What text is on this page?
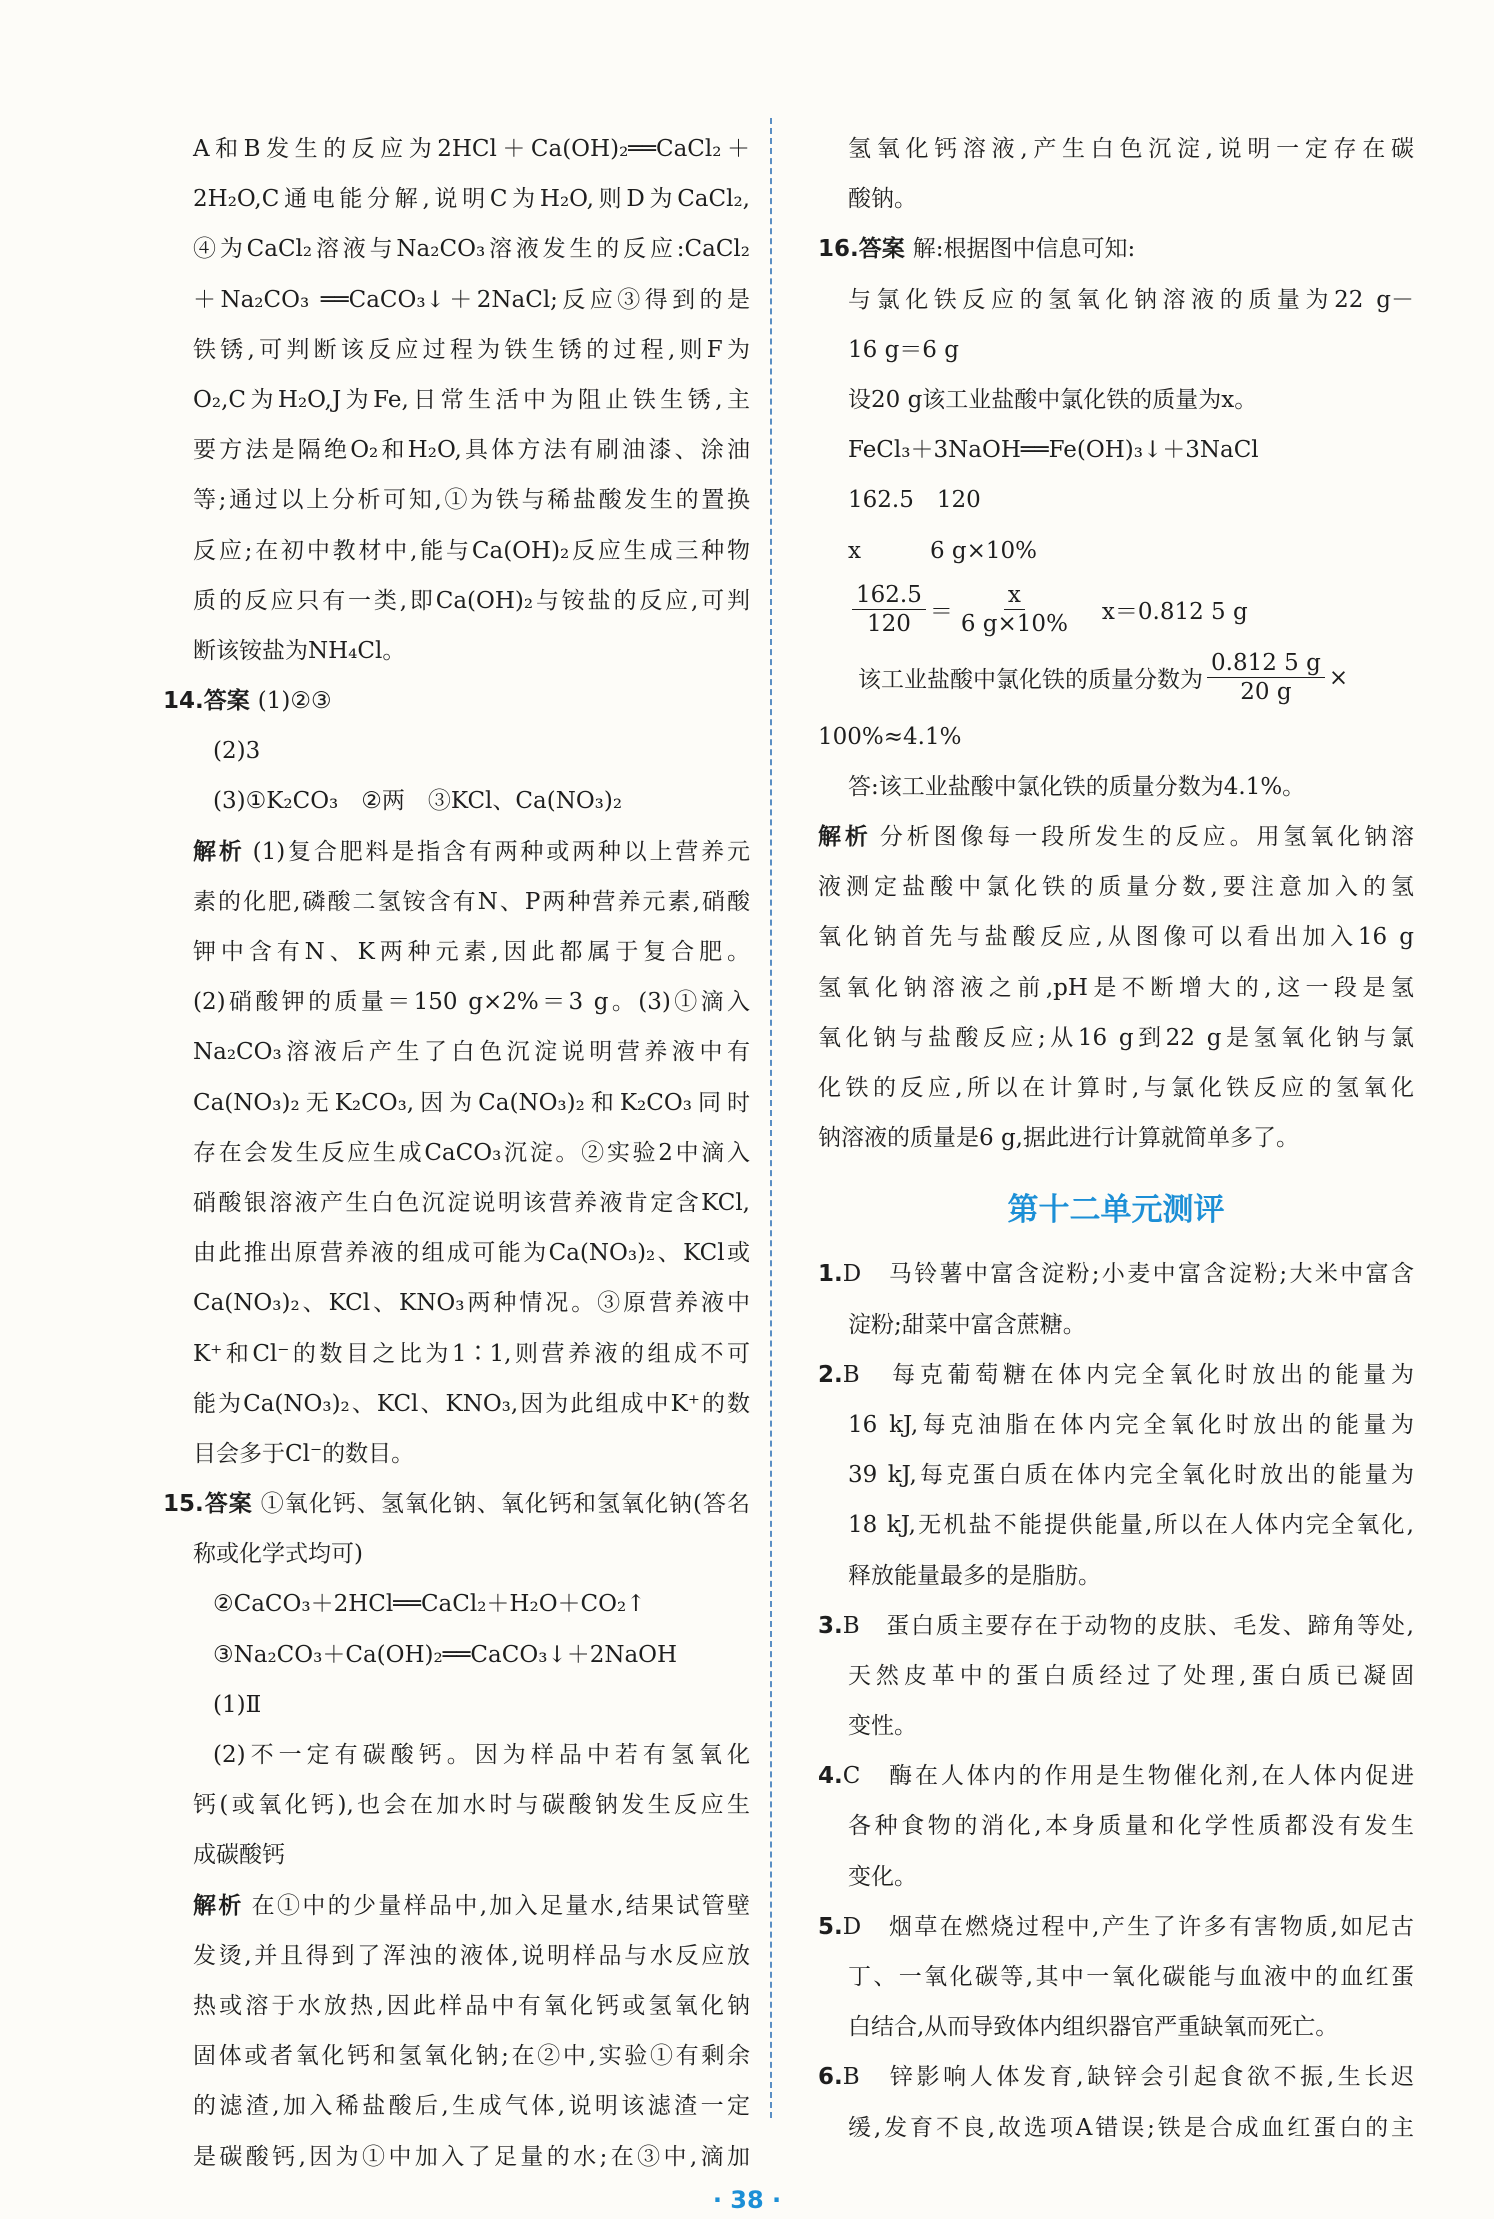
A和B发生的反应为2HCl＋Ca(OH)₂══CaCl₂＋
2H₂O,C通电能分解,说明C为H₂O,则D为CaCl₂,
④为CaCl₂溶液与Na₂CO₃溶液发生的反应:CaCl₂
＋Na₂CO₃ ══CaCO₃↓＋2NaCl;反应③得到的是
铁锈,可判断该反应过程为铁生锈的过程,则F为
O₂,C为H₂O,J为Fe,日常生活中为阻止铁生锈,主
要方法是隔绝O₂和H₂O,具体方法有刷油漆、涂油
等;通过以上分析可知,①为铁与稀盐酸发生的置换
反应;在初中教材中,能与Ca(OH)₂反应生成三种物
质的反应只有一类,即Ca(OH)₂与铵盐的反应,可判
断该铵盐为NH₄Cl。
14.答案 (1)②③
(2)3
(3)①K₂CO₃　②两　③KCl、Ca(NO₃)₂
解析 (1)复合肥料是指含有两种或两种以上营养元
素的化肥,磷酸二氢铵含有N、P两种营养元素,硝酸
钾中含有N、K两种元素,因此都属于复合肥。
(2)硝酸钾的质量＝150 g×2%＝3 g。(3)①滴入
Na₂CO₃溶液后产生了白色沉淀说明营养液中有
Ca(NO₃)₂无K₂CO₃,因为Ca(NO₃)₂和K₂CO₃同时
存在会发生反应生成CaCO₃沉淀。②实验2中滴入
硝酸银溶液产生白色沉淀说明该营养液肯定含KCl,
由此推出原营养液的组成可能为Ca(NO₃)₂、KCl或
Ca(NO₃)₂、KCl、KNO₃两种情况。③原营养液中
K⁺和Cl⁻的数目之比为1∶1,则营养液的组成不可
能为Ca(NO₃)₂、KCl、KNO₃,因为此组成中K⁺的数
目会多于Cl⁻的数目。
15.答案 ①氧化钙、氢氧化钠、氧化钙和氢氧化钠(答名
称或化学式均可)
②CaCO₃＋2HCl══CaCl₂＋H₂O＋CO₂↑
③Na₂CO₃＋Ca(OH)₂══CaCO₃↓＋2NaOH
(1)Ⅱ
(2)不一定有碳酸钙。因为样品中若有氢氧化
钙(或氧化钙),也会在加水时与碳酸钠发生反应生
成碳酸钙
解析 在①中的少量样品中,加入足量水,结果试管壁
发烫,并且得到了浑浊的液体,说明样品与水反应放
热或溶于水放热,因此样品中有氧化钙或氢氧化钠
固体或者氧化钙和氢氧化钠;在②中,实验①有剩余
的滤渣,加入稀盐酸后,生成气体,说明该滤渣一定
是碳酸钙,因为①中加入了足量的水;在③中,滴加
氢氧化钙溶液,产生白色沉淀,说明一定存在碳
酸钠。
16.答案 解:根据图中信息可知:
与氯化铁反应的氢氧化钠溶液的质量为22 g－
16 g＝6 g
设20 g该工业盐酸中氯化铁的质量为x。
FeCl₃＋3NaOH══Fe(OH)₃↓＋3NaCl
162.5　120
x　　　6 g×10%
$\frac{162.5}{120} = \frac{x}{6 g\times 10\%} x=0.812$ 5 g
该工业盐酸中氯化铁的质量分数为 $\frac{0.812 5 g}{20 g}$ ×
100%≈4.1%
答:该工业盐酸中氯化铁的质量分数为4.1%。
解析 分析图像每一段所发生的反应。用氢氧化钠溶
液测定盐酸中氯化铁的质量分数,要注意加入的氢
氧化钠首先与盐酸反应,从图像可以看出加入16 g
氢氧化钠溶液之前,pH是不断增大的,这一段是氢
氧化钠与盐酸反应;从16 g到22 g是氢氧化钠与氯
化铁的反应,所以在计算时,与氯化铁反应的氢氧化
钠溶液的质量是6 g,据此进行计算就简单多了。
第十二单元测评
1.D　马铃薯中富含淀粉;小麦中富含淀粉;大米中富含
淀粉;甜菜中富含蔗糖。
2.B　每克葡萄糖在体内完全氧化时放出的能量为
16 kJ,每克油脂在体内完全氧化时放出的能量为
39 kJ,每克蛋白质在体内完全氧化时放出的能量为
18 kJ,无机盐不能提供能量,所以在人体内完全氧化,
释放能量最多的是脂肪。
3.B　蛋白质主要存在于动物的皮肤、毛发、蹄角等处,
天然皮革中的蛋白质经过了处理,蛋白质已凝固
变性。
4.C　酶在人体内的作用是生物催化剂,在人体内促进
各种食物的消化,本身质量和化学性质都没有发生
变化。
5.D　烟草在燃烧过程中,产生了许多有害物质,如尼古
丁、一氧化碳等,其中一氧化碳能与血液中的血红蛋
白结合,从而导致体内组织器官严重缺氧而死亡。
6.B　锌影响人体发育,缺锌会引起食欲不振,生长迟
缓,发育不良,故选项A错误;铁是合成血红蛋白的主
· 38 ·
